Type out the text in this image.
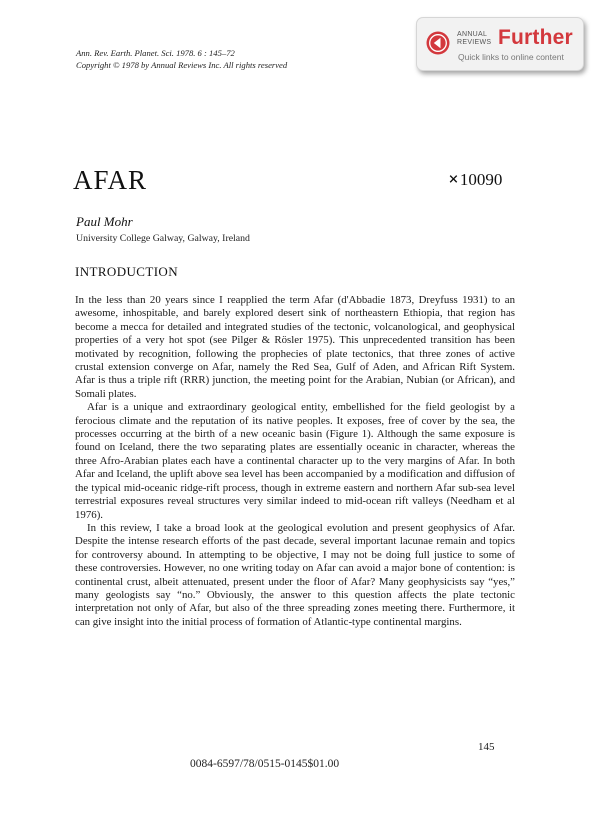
Ann. Rev. Earth. Planet. Sci. 1978. 6 : 145–72
Copyright © 1978 by Annual Reviews Inc. All rights reserved
ANNUAL
REVIEWS Further
Quick links to online content
AFAR	⨯10090
Paul Mohr
University College Galway, Galway, Ireland
INTRODUCTION

In the less than 20 years since I reapplied the term Afar (d'Abbadie 1873, Dreyfuss 1931) to an awesome, inhospitable, and barely explored desert sink of northeastern Ethiopia, that region has become a mecca for detailed and integrated studies of the tectonic, volcanological, and geophysical properties of a very hot spot (see Pilger & Rösler 1975). This unprecedented transition has been motivated by recognition, following the prophecies of plate tectonics, that three zones of active crustal extension converge on Afar, namely the Red Sea, Gulf of Aden, and African Rift System. Afar is thus a triple rift (RRR) junction, the meeting point for the Arabian, Nubian (or African), and Somali plates.

Afar is a unique and extraordinary geological entity, embellished for the field geologist by a ferocious climate and the reputation of its native peoples. It exposes, free of cover by the sea, the processes occurring at the birth of a new oceanic basin (Figure 1). Although the same exposure is found on Iceland, there the two separating plates are essentially oceanic in character, whereas the three Afro-Arabian plates each have a continental character up to the very margins of Afar. In both Afar and Iceland, the uplift above sea level has been accompanied by a modification and diffusion of the typical mid-oceanic ridge-rift process, though in extreme eastern and northern Afar sub-sea level terrestrial exposures reveal structures very similar indeed to mid-ocean rift valleys (Needham et al 1976).

In this review, I take a broad look at the geological evolution and present geophysics of Afar. Despite the intense research efforts of the past decade, several important lacunae remain and topics for controversy abound. In attempting to be objective, I may not be doing full justice to some of these controversies. However, no one writing today on Afar can avoid a major bone of contention: is continental crust, albeit attenuated, present under the floor of Afar? Many geophysicists say “yes,” many geologists say “no.” Obviously, the answer to this question affects the plate tectonic interpretation not only of Afar, but also of the three spreading zones meeting there. Furthermore, it can give insight into the initial process of formation of Atlantic-type continental margins.

145
0084-6597/78/0515-0145$01.00
